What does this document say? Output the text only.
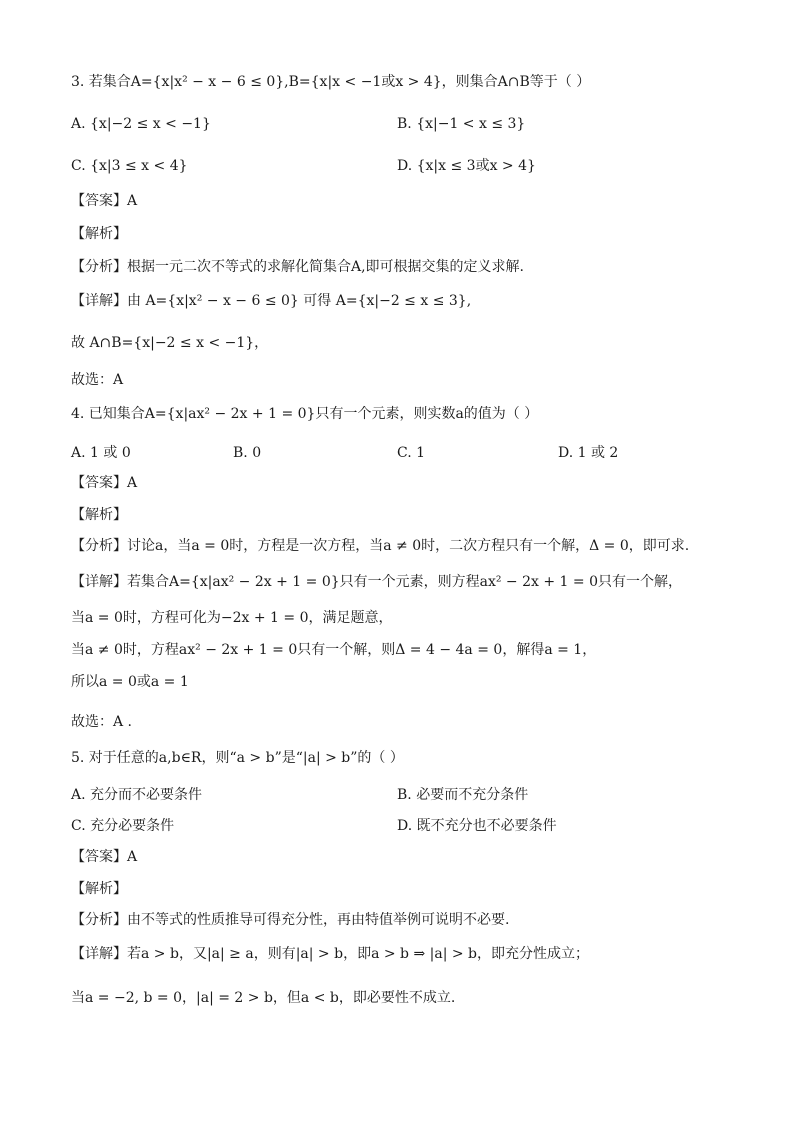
3. 若集合A={x|x² − x − 6 ≤ 0},B={x|x < −1或x > 4}，则集合A∩B等于（ ）
A. {x|−2 ≤ x < −1}	B. {x|−1 < x ≤ 3}
C. {x|3 ≤ x < 4}	D. {x|x ≤ 3或x > 4}
【答案】A
【解析】
【分析】根据一元二次不等式的求解化简集合A,即可根据交集的定义求解.
【详解】由 A={x|x² − x − 6 ≤ 0} 可得 A={x|−2 ≤ x ≤ 3},
故 A∩B={x|−2 ≤ x < −1}，
故选：A
4. 已知集合A={x|ax² − 2x + 1 = 0}只有一个元素，则实数a的值为（ ）
A. 1 或 0	B. 0	C. 1	D. 1 或 2
【答案】A
【解析】
【分析】讨论a，当a = 0时，方程是一次方程，当a ≠ 0时，二次方程只有一个解，Δ = 0，即可求.
【详解】若集合A={x|ax² − 2x + 1 = 0}只有一个元素，则方程ax² − 2x + 1 = 0只有一个解，
当a = 0时，方程可化为−2x + 1 = 0，满足题意，
当a ≠ 0时，方程ax² − 2x + 1 = 0只有一个解，则Δ = 4 − 4a = 0，解得a = 1，
所以a = 0或a = 1
故选：A .
5. 对于任意的a,b∈R，则“a > b”是“|a| > b”的（ ）
A. 充分而不必要条件	B. 必要而不充分条件
C. 充分必要条件	D. 既不充分也不必要条件
【答案】A
【解析】
【分析】由不等式的性质推导可得充分性，再由特值举例可说明不必要.
【详解】若a > b，又|a| ≥ a，则有|a| > b，即a > b ⇒ |a| > b，即充分性成立；
当a = −2, b = 0，|a| = 2 > b，但a < b，即必要性不成立.
